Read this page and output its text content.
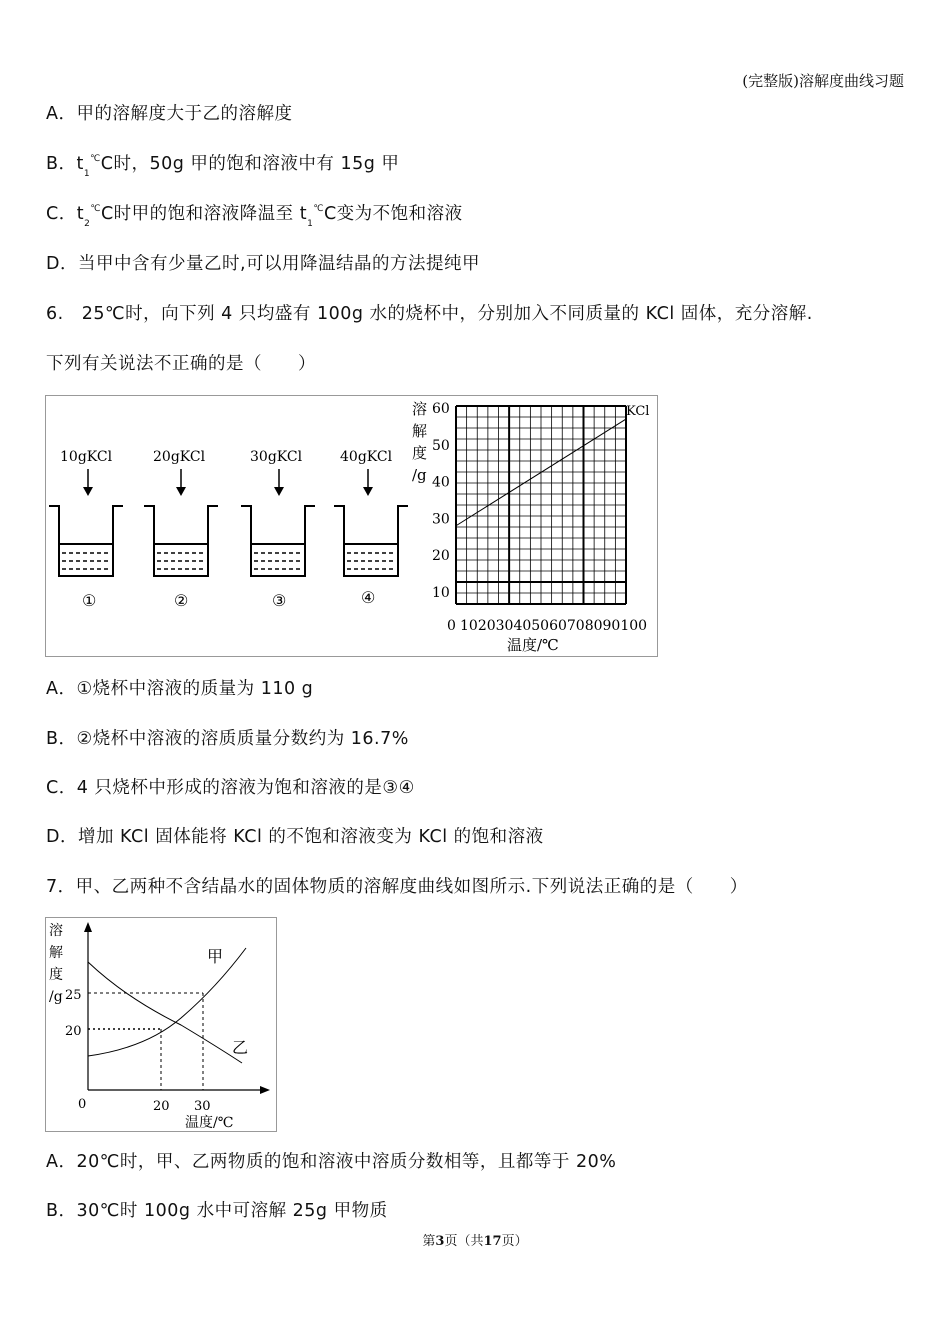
(完整版)溶解度曲线习题
A．甲的溶解度大于乙的溶解度
B．$t_1^℃C$时，50g 甲的饱和溶液中有 15g 甲
C．$t_2^℃C$时甲的饱和溶液降温至 $t_1^℃C$变为不饱和溶液
D．当甲中含有少量乙时,可以用降温结晶的方法提纯甲
6.　25℃时，向下列 4 只均盛有 100g 水的烧杯中，分别加入不同质量的 KCl 固体，充分溶解.
下列有关说法不正确的是（　　）
10gKCl
①
20gKCl
②
30gKCl
③
40gKCl
④
溶
解
度
/g
60
50
40
30
20
10
KCl
0 102030405060708090100
温度/℃
A．①烧杯中溶液的质量为 110 g
B．②烧杯中溶液的溶质质量分数约为 16.7%
C．4 只烧杯中形成的溶液为饱和溶液的是③④
D．增加 KCl 固体能将 KCl 的不饱和溶液变为 KCl 的饱和溶液
7．甲、乙两种不含结晶水的固体物质的溶解度曲线如图所示.下列说法正确的是（　　）
溶
解
度
/g 25
20
0	20 30
温度/℃
甲
乙
A．20℃时，甲、乙两物质的饱和溶液中溶质分数相等，且都等于 20%
B．30℃时 100g 水中可溶解 25g 甲物质
第3页（共17页）
